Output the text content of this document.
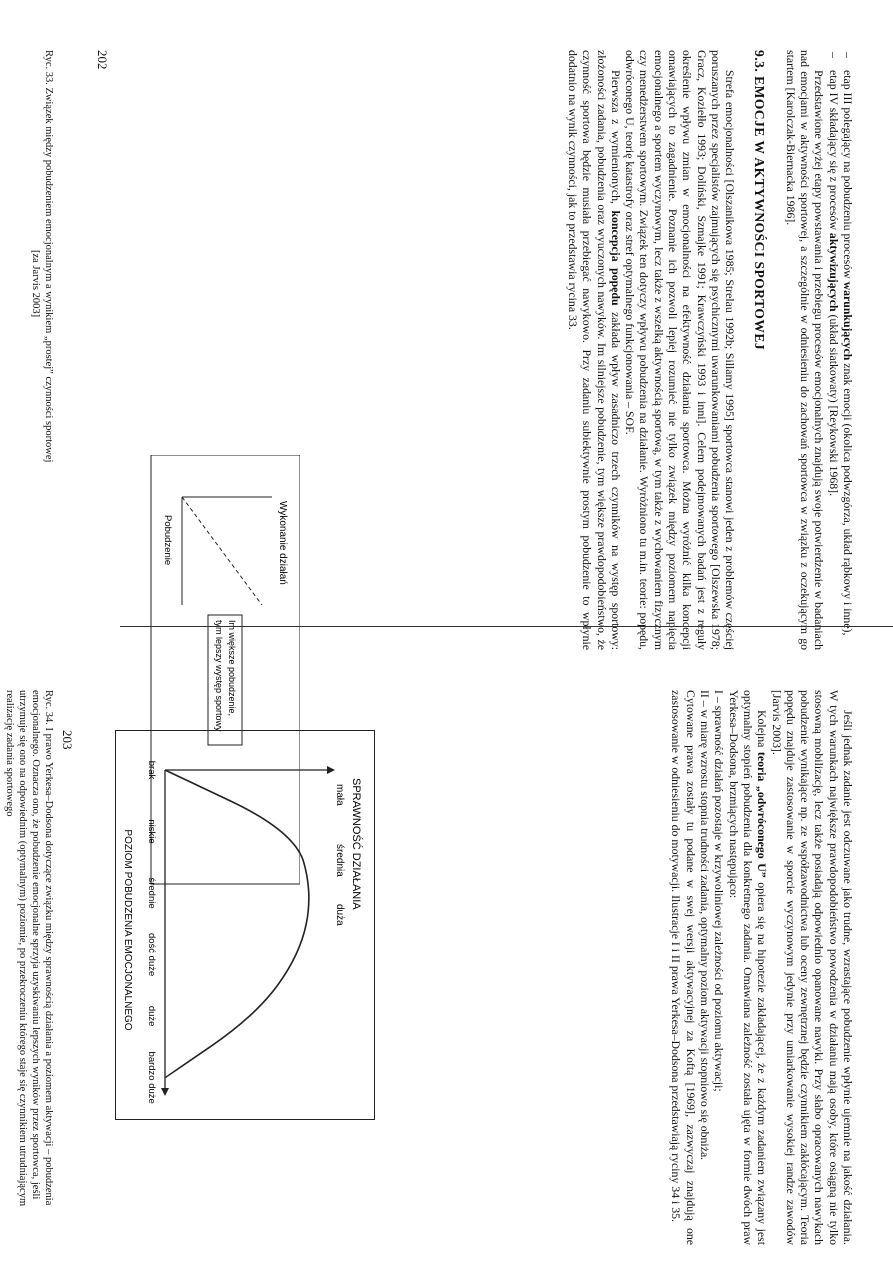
–
etap III polegający na pobudzeniu procesów warunkujących znak emocji (okolica podwzgórza, układ rąbkowy i inne),
–
etap IV składający się z procesów aktywizujących (układ siatkowaty) [Reykowski 1968].

Przedstawione wyżej etapy powstawania i przebiegu procesów emocjonalnych znajdują swoje potwierdzenie w badaniach nad emocjami w aktywności sportowej, a szczególnie w odniesieniu do zachowań sportowca w związku z oczekującym go startem [Karolczak-Biernacka 1986].

9.3. EMOCJE W AKTYWNOŚCI SPORTOWEJ

Strefa emocjonalności [Olszanikowa 1985; Strelau 1992b; Sillamy 1995] sportowca stanowi jeden z problemów częściej poruszanych przez specjalistów zajmujących się psychicznymi uwarunkowaniami pobudzenia sportowego [Olszewska 1978; Gracz, Koziełło 1993; Doliński, Szmajke 1991; Krawczyński 1993 i inni]. Celem podejmowanych badań jest z reguły określenie wpływu zmian w emocjonalności na efektywność działania sportowca. Można wyróżnić kilka koncepcji omawiających to zagadnienie. Poznanie ich pozwoli lepiej rozumieć nie tylko związek między poziomem napięcia emocjonalnego a sportem wyczynowym, lecz także z wszelką aktywnością sportową, w tym także z wychowaniem fizycznym czy menedżerstwem sportowym. Związek ten dotyczy wpływu pobudzenia na działanie. Wyróżniono tu m.in. teorie: popędu, odwróconego U, teorię katastrofy oraz stref optymalnego funkcjonowania – SOF.

Pierwsza z wymienionych, koncepcja popędu zakłada wpływ zasadniczo trzech czynników na występ sportowy: złożoności zadania, pobudzenia oraz wyuczonych nawyków. Im silniejsze pobudzenie, tym większe prawdopodobieństwo, że czynność sportowa będzie musiała przebiegać nawykowo. Przy zadaniu subiektywnie prostym pobudzenie to wpłynie dodatnio na wynik czynności, jak to przedstawia rycina 33.

Ryc. 33. Związek między pobudzeniem emocjonalnym a wynikiem „prostej” czynności sportowej
[za Jarvis 2003]
202
Im większe pobudzenie,
tym lepszy występ sportowy
Wykonanie działań
Pobudzenie

Jeśli jednak zadanie jest odczuwane jako trudne, wzrastające pobudzenie wpłynie ujemnie na jakość działania. W tych warunkach największe prawdopodobieństwo powodzenia w działaniu mają osoby, które osiągną nie tylko stosowną mobilizację, lecz także posiadają odpowiednio opanowane nawyki. Przy słabo opracowanych nawykach pobudzenie wynikające np. ze współzawodnictwa lub oceny zewnętrznej będzie czynnikiem zakłócającym. Teoria popędu znajduje zastosowanie w sporcie wyczynowym jedynie przy umiarkowanie wysokiej randze zawodów [Jarvis 2003].

Kolejna teoria „odwróconego U” opiera się na hipotezie zakładającej, że z każdym zadaniem związany jest optymalny stopień pobudzenia dla konkretnego zadania. Omawiana zależność została ujęta w formie dwóch praw Yerkesa–Dodsona, brzmiących następująco:

I – sprawność działań pozostaje w krzywoliniowej zależności od poziomu aktywacji;

II – w miarę wzrostu stopnia trudności zadania, optymalny poziom aktywacji stopniowo się obniża.

Cytowane prawa zostały tu podane w swej wersji aktywacyjnej za Koftą [1969], zazwyczaj znajdują one zastosowanie w odniesieniu do motywacji. Ilustracje I i II prawa Yerkesa–Dodsona przedstawiają ryciny 34 i 35.

SPRAWNOŚĆ DZIAŁANIA
mała
średnia
duża
brak
niskie
średnie
dość duże
duże
bardzo duże
POZIOM POBUDZENIA EMOCJONALNEGO
Ryc. 34. I prawo Yerkesa–Dodsona dotyczące związku między sprawnością działania a poziomem aktywacji – pobudzenia emocjonalnego. Oznacza ono, że pobudzenie emocjonalne sprzyja uzyskiwaniu lepszych wyników przez sportowca, jeśli utrzymuje się ono na odpowiednim (optymalnym) poziomie, po przekroczeniu którego staje się czynnikiem utrudniającym realizację zadania sportowego	203
